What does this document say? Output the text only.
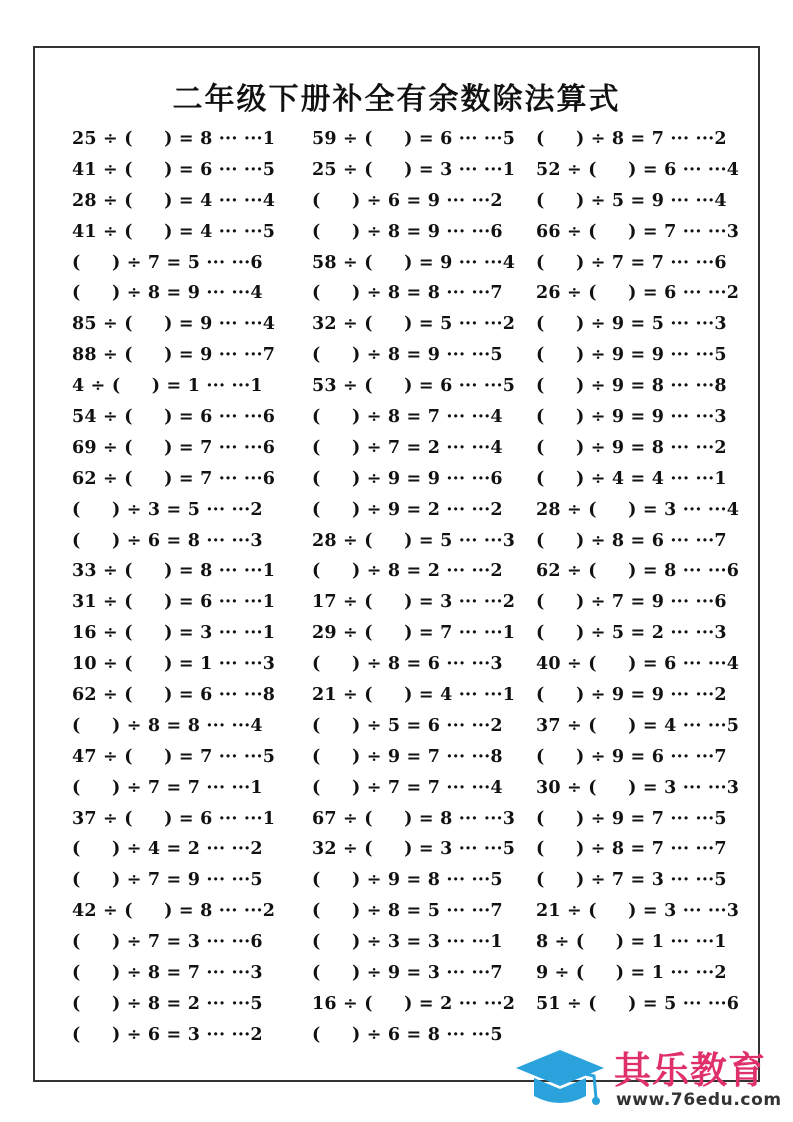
二年级下册补全有余数除法算式
25 ÷ (     ) = 8 ··· ···1
41 ÷ (     ) = 6 ··· ···5
28 ÷ (     ) = 4 ··· ···4
41 ÷ (     ) = 4 ··· ···5
(     ) ÷ 7 = 5 ··· ···6
(     ) ÷ 8 = 9 ··· ···4
85 ÷ (     ) = 9 ··· ···4
88 ÷ (     ) = 9 ··· ···7
4 ÷ (     ) = 1 ··· ···1
54 ÷ (     ) = 6 ··· ···6
69 ÷ (     ) = 7 ··· ···6
62 ÷ (     ) = 7 ··· ···6
(     ) ÷ 3 = 5 ··· ···2
(     ) ÷ 6 = 8 ··· ···3
33 ÷ (     ) = 8 ··· ···1
31 ÷ (     ) = 6 ··· ···1
16 ÷ (     ) = 3 ··· ···1
10 ÷ (     ) = 1 ··· ···3
62 ÷ (     ) = 6 ··· ···8
(     ) ÷ 8 = 8 ··· ···4
47 ÷ (     ) = 7 ··· ···5
(     ) ÷ 7 = 7 ··· ···1
37 ÷ (     ) = 6 ··· ···1
(     ) ÷ 4 = 2 ··· ···2
(     ) ÷ 7 = 9 ··· ···5
42 ÷ (     ) = 8 ··· ···2
(     ) ÷ 7 = 3 ··· ···6
(     ) ÷ 8 = 7 ··· ···3
(     ) ÷ 8 = 2 ··· ···5
(     ) ÷ 6 = 3 ··· ···2
59 ÷ (     ) = 6 ··· ···5
25 ÷ (     ) = 3 ··· ···1
(     ) ÷ 6 = 9 ··· ···2
(     ) ÷ 8 = 9 ··· ···6
58 ÷ (     ) = 9 ··· ···4
(     ) ÷ 8 = 8 ··· ···7
32 ÷ (     ) = 5 ··· ···2
(     ) ÷ 8 = 9 ··· ···5
53 ÷ (     ) = 6 ··· ···5
(     ) ÷ 8 = 7 ··· ···4
(     ) ÷ 7 = 2 ··· ···4
(     ) ÷ 9 = 9 ··· ···6
(     ) ÷ 9 = 2 ··· ···2
28 ÷ (     ) = 5 ··· ···3
(     ) ÷ 8 = 2 ··· ···2
17 ÷ (     ) = 3 ··· ···2
29 ÷ (     ) = 7 ··· ···1
(     ) ÷ 8 = 6 ··· ···3
21 ÷ (     ) = 4 ··· ···1
(     ) ÷ 5 = 6 ··· ···2
(     ) ÷ 9 = 7 ··· ···8
(     ) ÷ 7 = 7 ··· ···4
67 ÷ (     ) = 8 ··· ···3
32 ÷ (     ) = 3 ··· ···5
(     ) ÷ 9 = 8 ··· ···5
(     ) ÷ 8 = 5 ··· ···7
(     ) ÷ 3 = 3 ··· ···1
(     ) ÷ 9 = 3 ··· ···7
16 ÷ (     ) = 2 ··· ···2
(     ) ÷ 6 = 8 ··· ···5
(     ) ÷ 8 = 7 ··· ···2
52 ÷ (     ) = 6 ··· ···4
(     ) ÷ 5 = 9 ··· ···4
66 ÷ (     ) = 7 ··· ···3
(     ) ÷ 7 = 7 ··· ···6
26 ÷ (     ) = 6 ··· ···2
(     ) ÷ 9 = 5 ··· ···3
(     ) ÷ 9 = 9 ··· ···5
(     ) ÷ 9 = 8 ··· ···8
(     ) ÷ 9 = 9 ··· ···3
(     ) ÷ 9 = 8 ··· ···2
(     ) ÷ 4 = 4 ··· ···1
28 ÷ (     ) = 3 ··· ···4
(     ) ÷ 8 = 6 ··· ···7
62 ÷ (     ) = 8 ··· ···6
(     ) ÷ 7 = 9 ··· ···6
(     ) ÷ 5 = 2 ··· ···3
40 ÷ (     ) = 6 ··· ···4
(     ) ÷ 9 = 9 ··· ···2
37 ÷ (     ) = 4 ··· ···5
(     ) ÷ 9 = 6 ··· ···7
30 ÷ (     ) = 3 ··· ···3
(     ) ÷ 9 = 7 ··· ···5
(     ) ÷ 8 = 7 ··· ···7
(     ) ÷ 7 = 3 ··· ···5
21 ÷ (     ) = 3 ··· ···3
8 ÷ (     ) = 1 ··· ···1
9 ÷ (     ) = 1 ··· ···2
51 ÷ (     ) = 5 ··· ···6
其乐教育
www.76edu.com
